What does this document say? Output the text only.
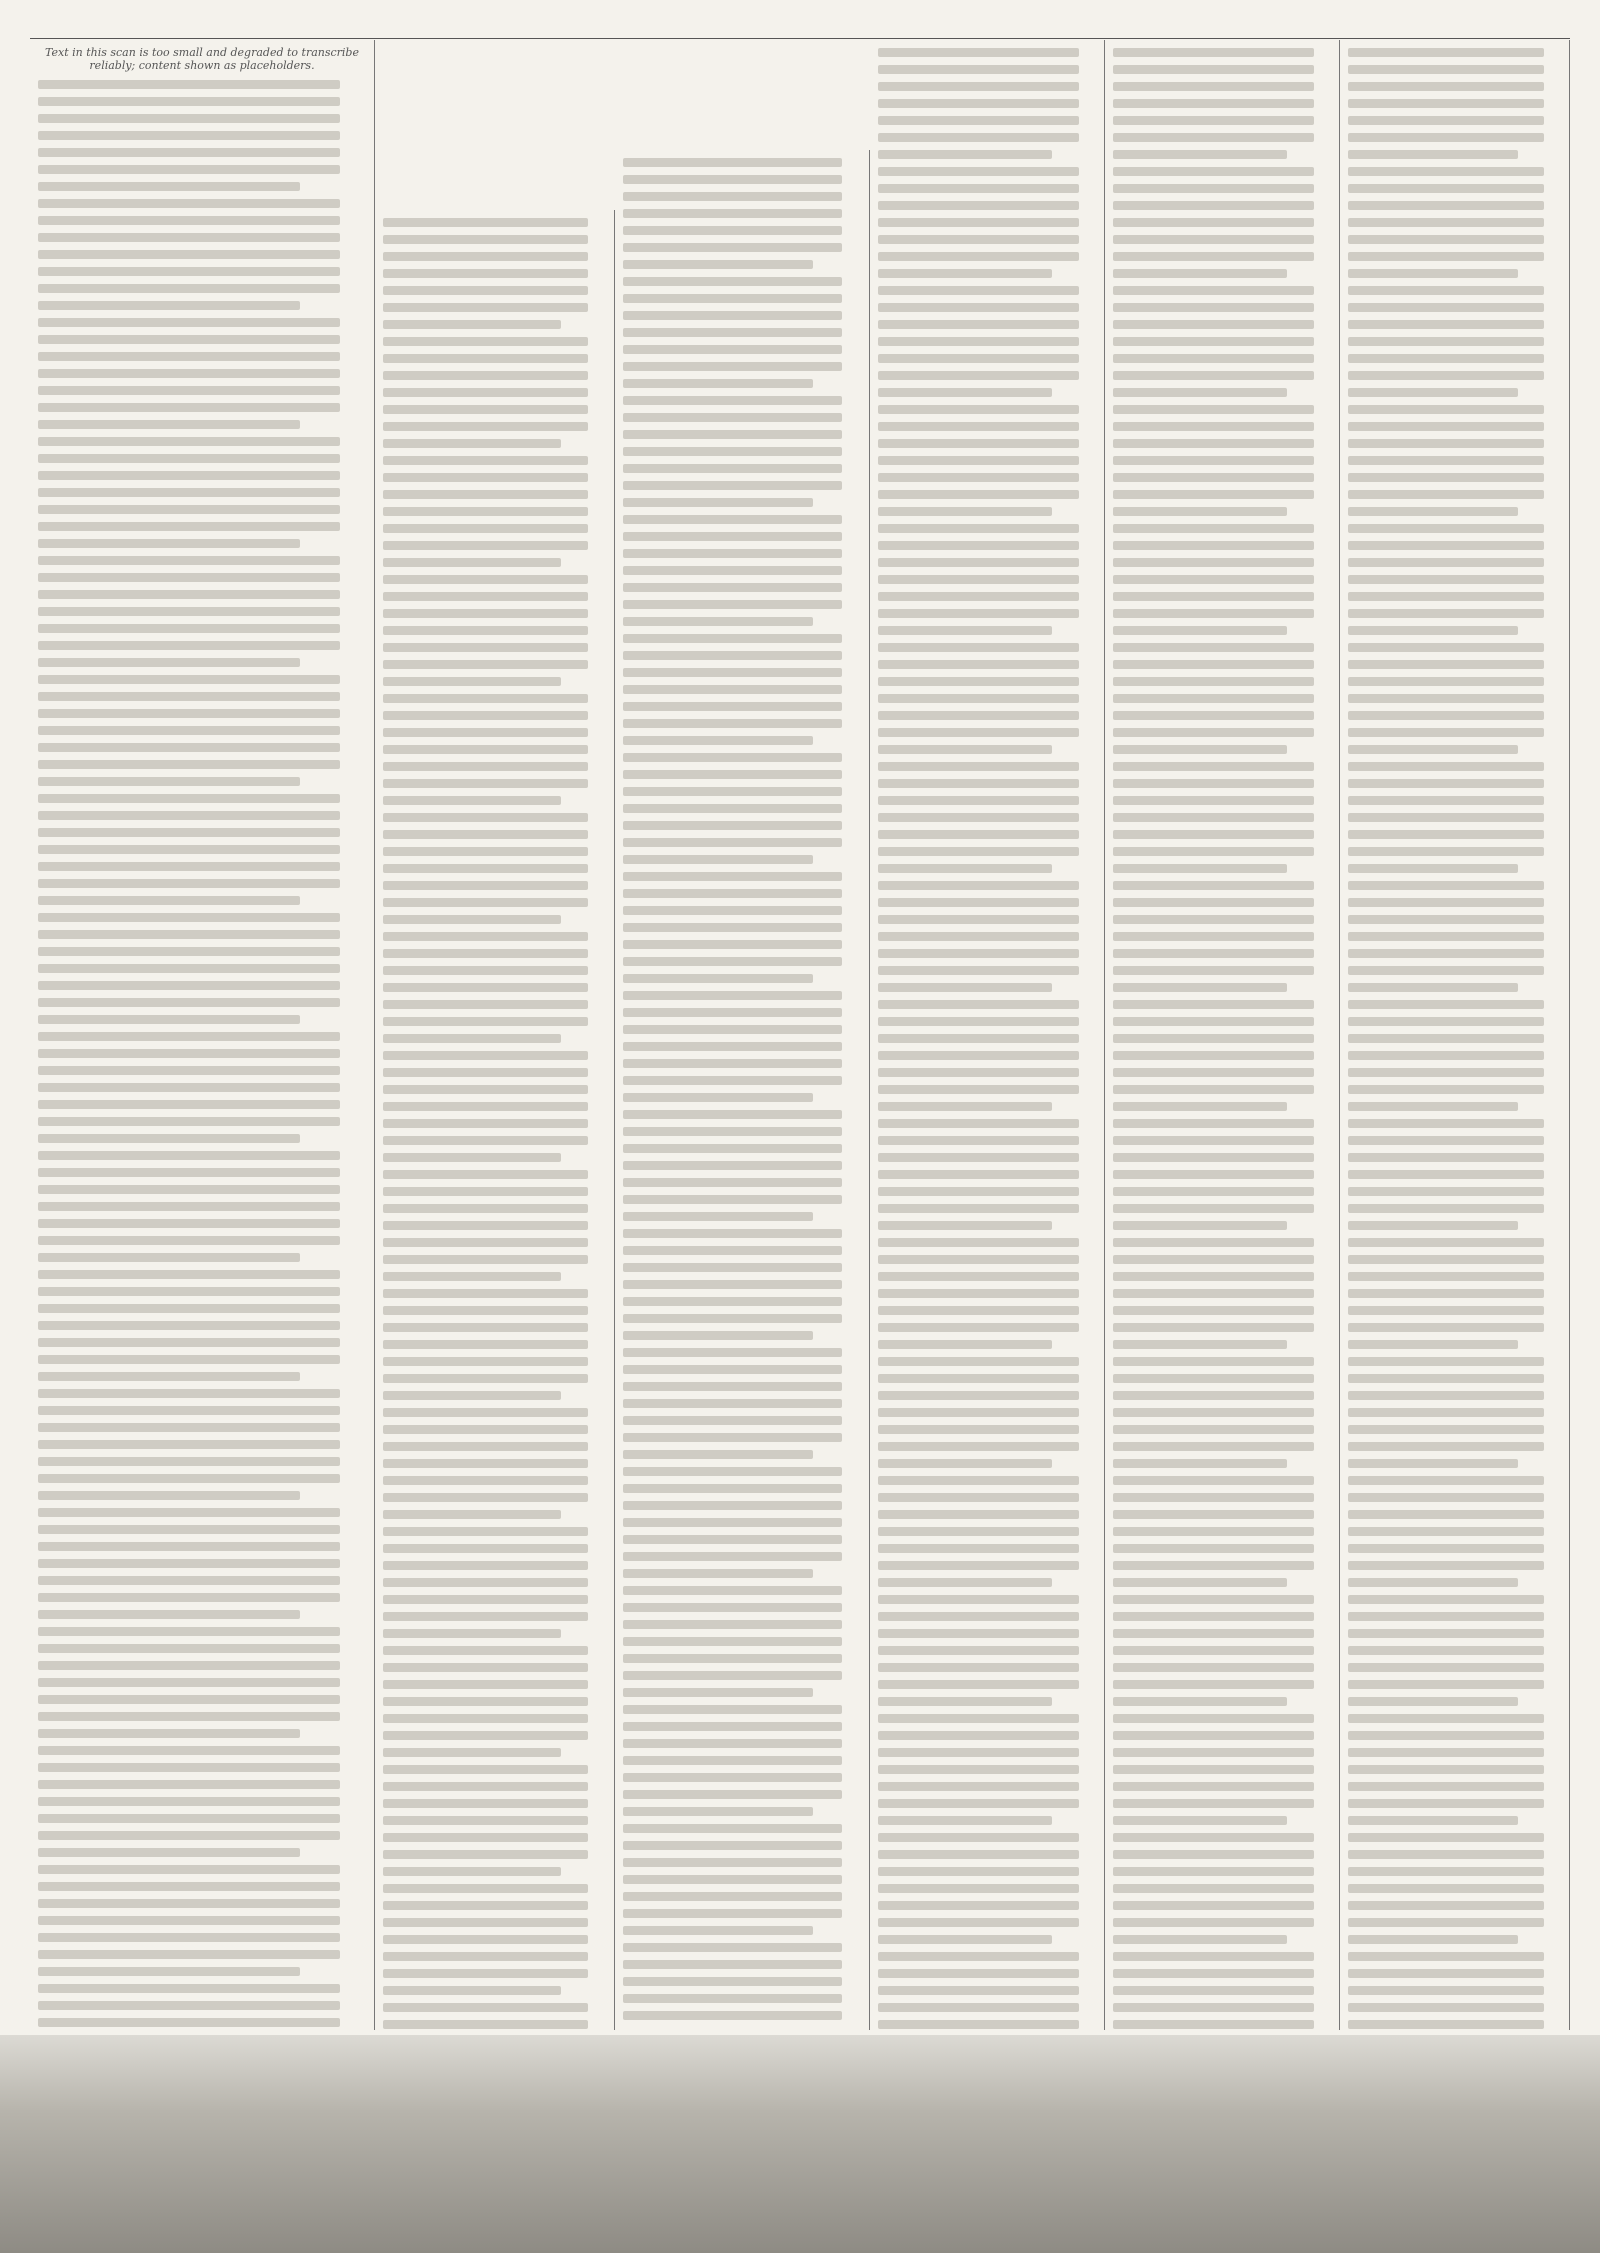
Text in this scan is too small and degraded to transcribe reliably; content shown as placeholders.
